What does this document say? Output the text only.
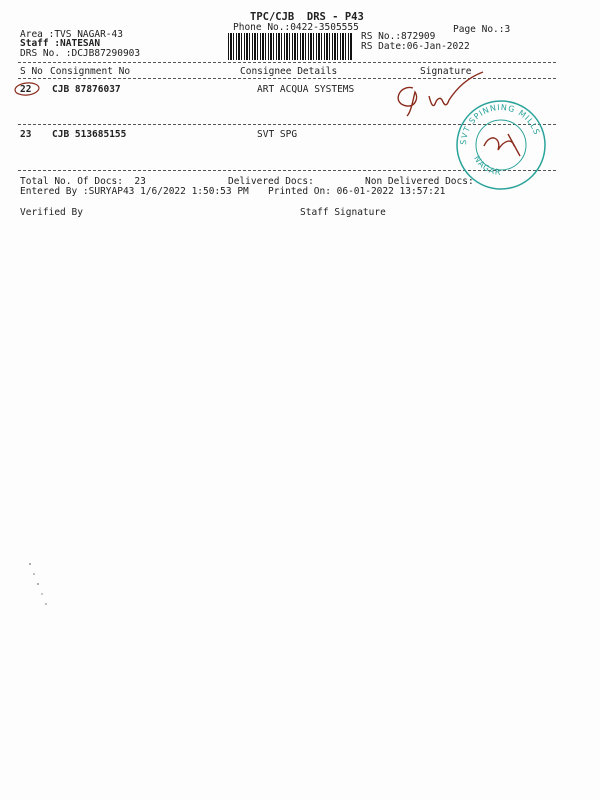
TPC/CJB  DRS - P43
Phone No.:0422-3505555
Area :TVS NAGAR-43
Staff :NATESAN
DRS No. :DCJB87290903
Page No.:3
RS No.:872909
RS Date:06-Jan-2022
S No Consignment No	Consignee Details	Signature
22 CJB 87876037	ART ACQUA SYSTEMS
23 CJB 513685155	SVT SPG
Total No. Of Docs:  23	Delivered Docs:	Non Delivered Docs:
Entered By :SURYAP43 1/6/2022 1:50:53 PM Printed On: 06-01-2022 13:57:21
Verified By	Staff Signature
SVT SPINNING MILLS
NAGAR
